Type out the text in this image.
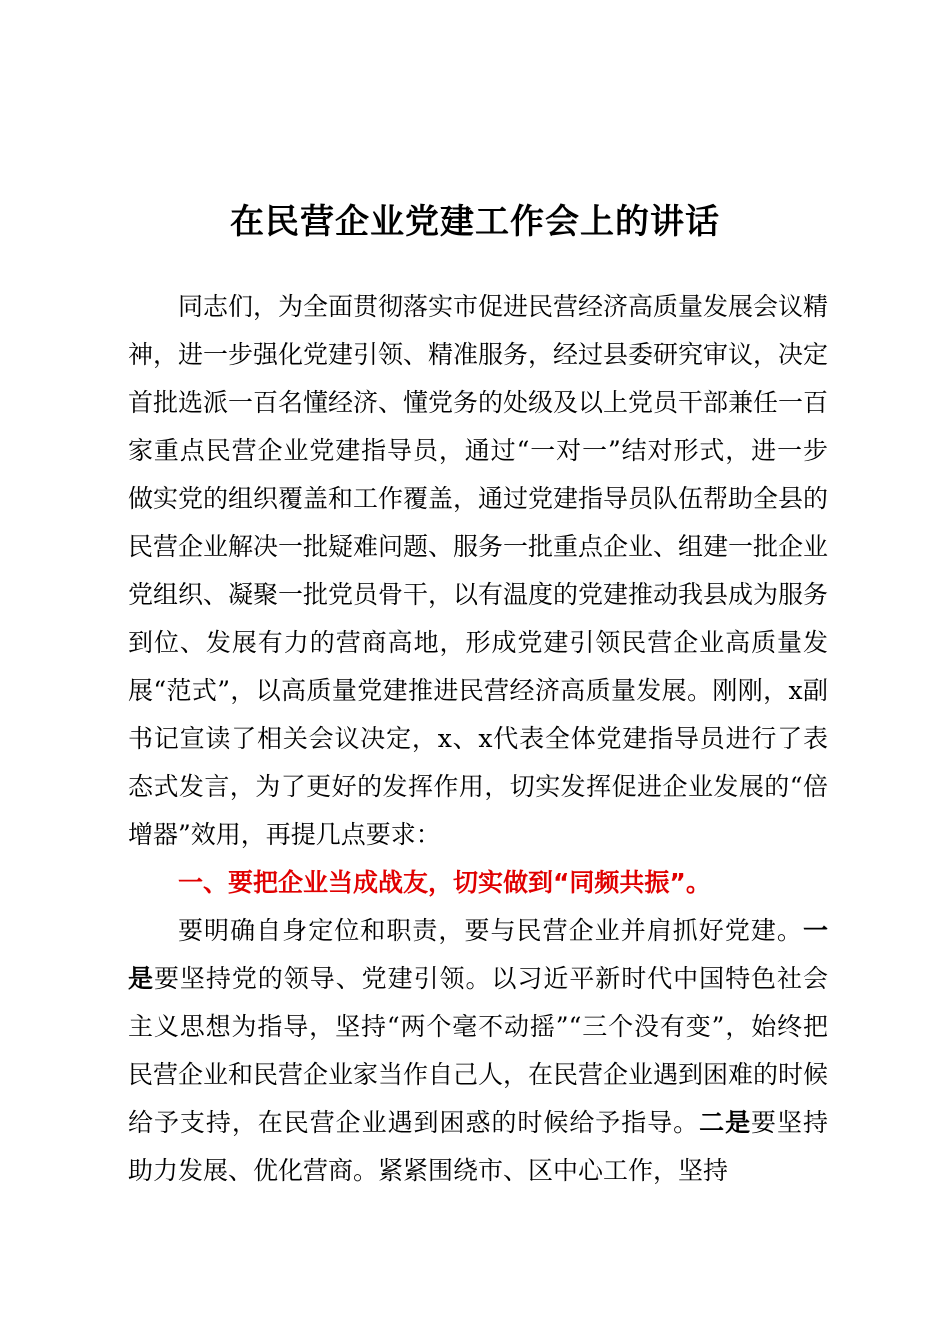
在民营企业党建工作会上的讲话

同志们，为全面贯彻落实市促进民营经济高质量发展会议精神，进一步强化党建引领、精准服务，经过县委研究审议，决定首批选派一百名懂经济、懂党务的处级及以上党员干部兼任一百家重点民营企业党建指导员，通过“一对一”结对形式，进一步做实党的组织覆盖和工作覆盖，通过党建指导员队伍帮助全县的民营企业解决一批疑难问题、服务一批重点企业、组建一批企业党组织、凝聚一批党员骨干，以有温度的党建推动我县成为服务到位、发展有力的营商高地，形成党建引领民营企业高质量发展“范式”，以高质量党建推进民营经济高质量发展。刚刚，x副书记宣读了相关会议决定，x、x代表全体党建指导员进行了表态式发言，为了更好的发挥作用，切实发挥促进企业发展的“倍增器”效用，再提几点要求：

一、要把企业当成战友，切实做到“同频共振”。

要明确自身定位和职责，要与民营企业并肩抓好党建。一是要坚持党的领导、党建引领。以习近平新时代中国特色社会主义思想为指导，坚持“两个毫不动摇”“三个没有变”，始终把民营企业和民营企业家当作自己人，在民营企业遇到困难的时候给予支持，在民营企业遇到困惑的时候给予指导。二是要坚持助力发展、优化营商。紧紧围绕市、区中心工作，坚持
